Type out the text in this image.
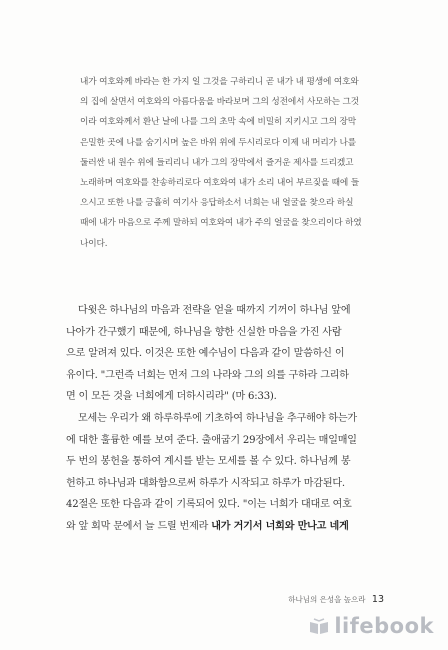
내가 여호와께 바라는 한 가지 일 그것을 구하리니 곧 내가 내 평생에 여호와

의 집에 살면서 여호와의 아름다움을 바라보며 그의 성전에서 사모하는 그것

이라 여호와께서 환난 날에 나를 그의 초막 속에 비밀히 지키시고 그의 장막

은밀한 곳에 나를 숨기시며 높은 바위 위에 두시리로다 이제 내 머리가 나를

둘러싼 내 원수 위에 들리리니 내가 그의 장막에서 즐거운 제사를 드리겠고

노래하며 여호와를 찬송하리로다 여호와여 내가 소리 내어 부르짖을 때에 들

으시고 또한 나를 긍휼히 여기사 응답하소서 너희는 내 얼굴을 찾으라 하실

때에 내가 마음으로 주께 말하되 여호와여 내가 주의 얼굴을 찾으리이다 하였

나이다.

다윗은 하나님의 마음과 전략을 얻을 때까지 기꺼이 하나님 앞에
나아가 간구했기 때문에, 하나님을 향한 신실한 마음을 가진 사람
으로 알려져 있다. 이것은 또한 예수님이 다음과 같이 말씀하신 이
유이다. "그런즉 너희는 먼저 그의 나라와 그의 의를 구하라 그리하
면 이 모든 것을 너희에게 더하시리라" (마 6:33).
모세는 우리가 왜 하루하루에 기초하여 하나님을 추구해야 하는가
에 대한 훌륭한 예를 보여 준다. 출애굽기 29장에서 우리는 매일매일
두 번의 봉헌을 통하여 계시를 받는 모세를 볼 수 있다. 하나님께 봉
헌하고 하나님과 대화함으로써 하루가 시작되고 하루가 마감된다.
42절은 또한 다음과 같이 기록되어 있다. "이는 너희가 대대로 여호
와 앞 회막 문에서 늘 드릴 번제라 내가 거기서 너희와 만나고 네게
하나님의 은성을 높으라 13
lifebook
